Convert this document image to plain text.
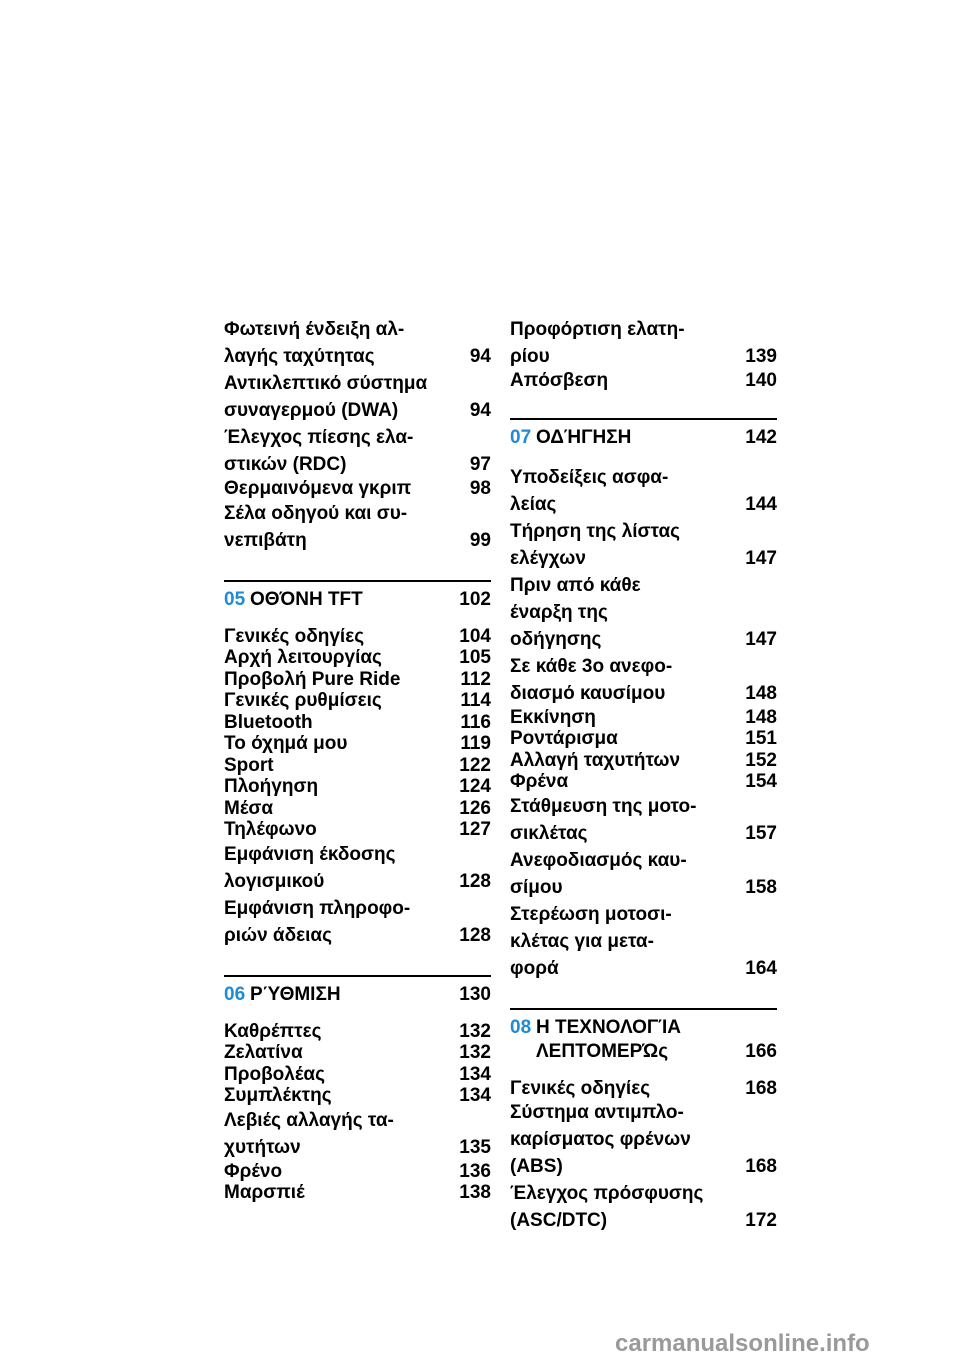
Φωτεινή ένδειξη αλ-
λαγής ταχύτητας	94
Αντικλεπτικό σύστημα
συναγερμού (DWA)	94
Έλεγχος πίεσης ελα-
στικών (RDC)	97
Θερμαινόμενα γκριπ	98
Σέλα οδηγού και συ-
νεπιβάτη	99
05 ΟΘΌΝΗ TFT	102
Γενικές οδηγίες	104
Αρχή λειτουργίας	105
Προβολή Pure Ride	112
Γενικές ρυθμίσεις	114
Bluetooth	116
Το όχημά μου	119
Sport	122
Πλοήγηση	124
Μέσα	126
Τηλέφωνο	127
Εμφάνιση έκδοσης
λογισμικού	128
Εμφάνιση πληροφο-
ριών άδειας	128
06 ΡΎΘΜΙΣΗ	130
Καθρέπτες	132
Ζελατίνα	132
Προβολέας	134
Συμπλέκτης	134
Λεβιές αλλαγής τα-
χυτήτων	135
Φρένο	136
Μαρσπιέ	138
Προφόρτιση ελατη-
ρίου	139
Απόσβεση	140
07 ΟΔΉΓΗΣΗ	142
Υποδείξεις ασφα-
λείας	144
Τήρηση της λίστας
ελέγχων	147
Πριν από κάθε
έναρξη της
οδήγησης	147
Σε κάθε 3ο ανεφο-
διασμό καυσίμου	148
Εκκίνηση	148
Ροντάρισμα	151
Αλλαγή ταχυτήτων	152
Φρένα	154
Στάθμευση της μοτο-
σικλέτας	157
Ανεφοδιασμός καυ-
σίμου	158
Στερέωση μοτοσι-
κλέτας για μετα-
φορά	164
08 Η ΤΕΧΝΟΛΟΓΊΑ
ΛΕΠΤΟΜΕΡΏς	166
Γενικές οδηγίες	168
Σύστημα αντιμπλο-
καρίσματος φρένων
(ABS)	168
Έλεγχος πρόσφυσης
(ASC/DTC)	172
carmanualsonline.info
